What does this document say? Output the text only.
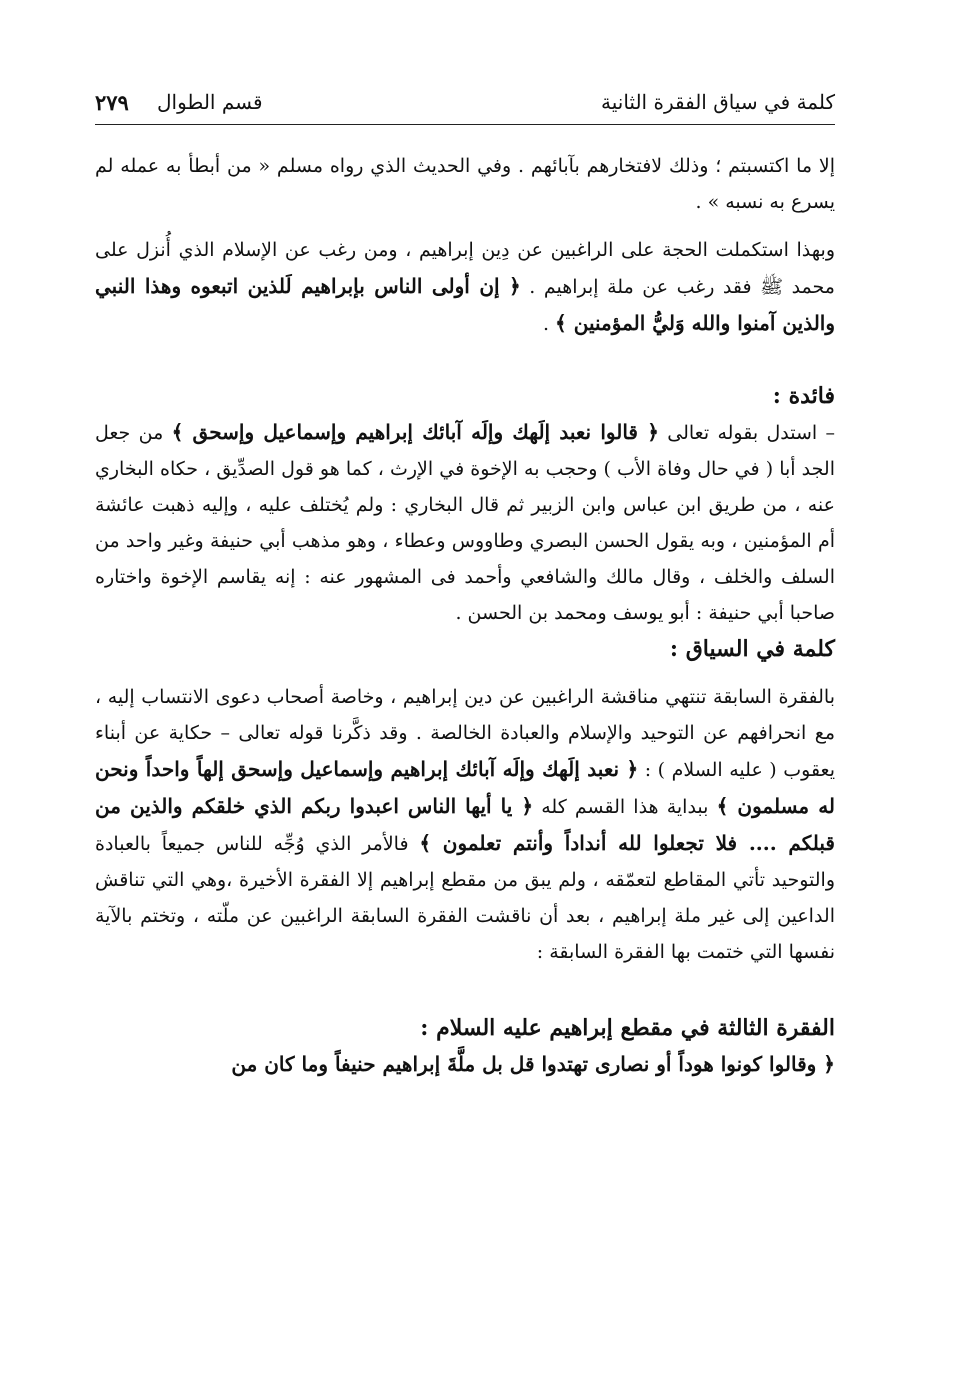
كلمة في سياق الفقرة الثانية
قسم الطوال
٢٧٩

إلا ما اكتسبتم ؛ وذلك لافتخارهم بآبائهم . وفي الحديث الذي رواه مسلم « من أبطأ به عمله لم يسرع به نسبه » .

وبهذا استكملت الحجة على الراغبين عن دِين إبراهيم ، ومن رغب عن الإسلام الذي أُنزل على محمد ﷺ فقد رغب عن ملة إبراهيم . ﴿ إن أولى الناس بإبراهيم لَلذين اتبعوه وهذا النبي والذين آمنوا والله وَليُّ المؤمنين ﴾ .

فائدة :

– استدل بقوله تعالى ﴿ قالوا نعبد إلَهك وإلَه آبائك إبراهيم وإسماعيل وإسحق ﴾ من جعل الجد أبا ( في حال وفاة الأب ) وحجب به الإخوة في الإرث ، كما هو قول الصدِّيق ، حكاه البخاري عنه ، من طريق ابن عباس وابن الزبير ثم قال البخاري : ولم يُختلف عليه ، وإليه ذهبت عائشة أم المؤمنين ، وبه يقول الحسن البصري وطاووس وعطاء ، وهو مذهب أبي حنيفة وغير واحد من السلف والخلف ، وقال مالك والشافعي وأحمد فى المشهور عنه : إنه يقاسم الإخوة واختاره صاحبا أبي حنيفة : أبو يوسف ومحمد بن الحسن .

كلمة في السياق :

بالفقرة السابقة تنتهي مناقشة الراغبين عن دين إبراهيم ، وخاصة أصحاب دعوى الانتساب إليه ، مع انحرافهم عن التوحيد والإسلام والعبادة الخالصة . وقد ذكَّرنا قوله تعالى – حكاية عن أبناء يعقوب ( عليه السلام ) : ﴿ نعبد إلَهك وإلَه آبائك إبراهيم وإسماعيل وإسحق إلهاً واحداً ونحن له مسلمون ﴾ ببداية هذا القسم كله ﴿ يا أيها الناس اعبدوا ربكم الذي خلقكم والذين من قبلكم .... فلا تجعلوا لله أنداداً وأنتم تعلمون ﴾ فالأمر الذي وُجِّه للناس جميعاً بالعبادة والتوحيد تأتي المقاطع لتعمّقه ، ولم يبق من مقطع إبراهيم إلا الفقرة الأخيرة ،وهي التي تناقش الداعين إلى غير ملة إبراهيم ، بعد أن ناقشت الفقرة السابقة الراغبين عن ملّته ، وتختم بالآية نفسها التي ختمت بها الفقرة السابقة :

الفقرة الثالثة في مقطع إبراهيم عليه السلام :

﴿ وقالوا كونوا هوداً أو نصارى تهتدوا قل بل ملَّةَ إبراهيم حنيفاً وما كان من
